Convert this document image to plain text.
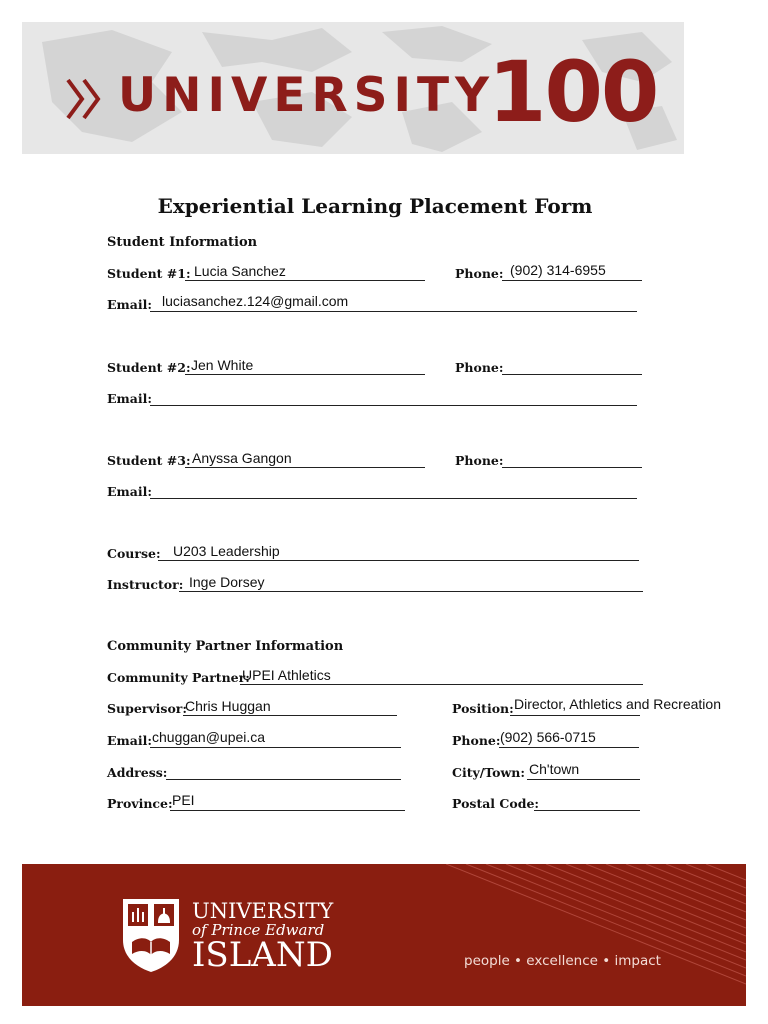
UNIVERSITY
100
Experiential Learning Placement Form
Student Information
Student #1: Lucia Sanchez	Phone: (902) 314-6955
Email: luciasanchez.124@gmail.com
Student #2: Jen White	Phone:
Email:
Student #3: Anyssa Gangon	Phone:
Email:
Course: U203 Leadership
Instructor: Inge Dorsey
Community Partner Information
Community Partner:
UPEI Athletics
Supervisor:
Chris Huggan	Position: Director, Athletics and Recreation
Email: chuggan@upei.ca	Phone: (902) 566-0715
Address:	City/Town: Ch'town
Province: PEI	Postal Code:
UNIVERSITY
of Prince Edward
ISLAND	people • excellence • impact
